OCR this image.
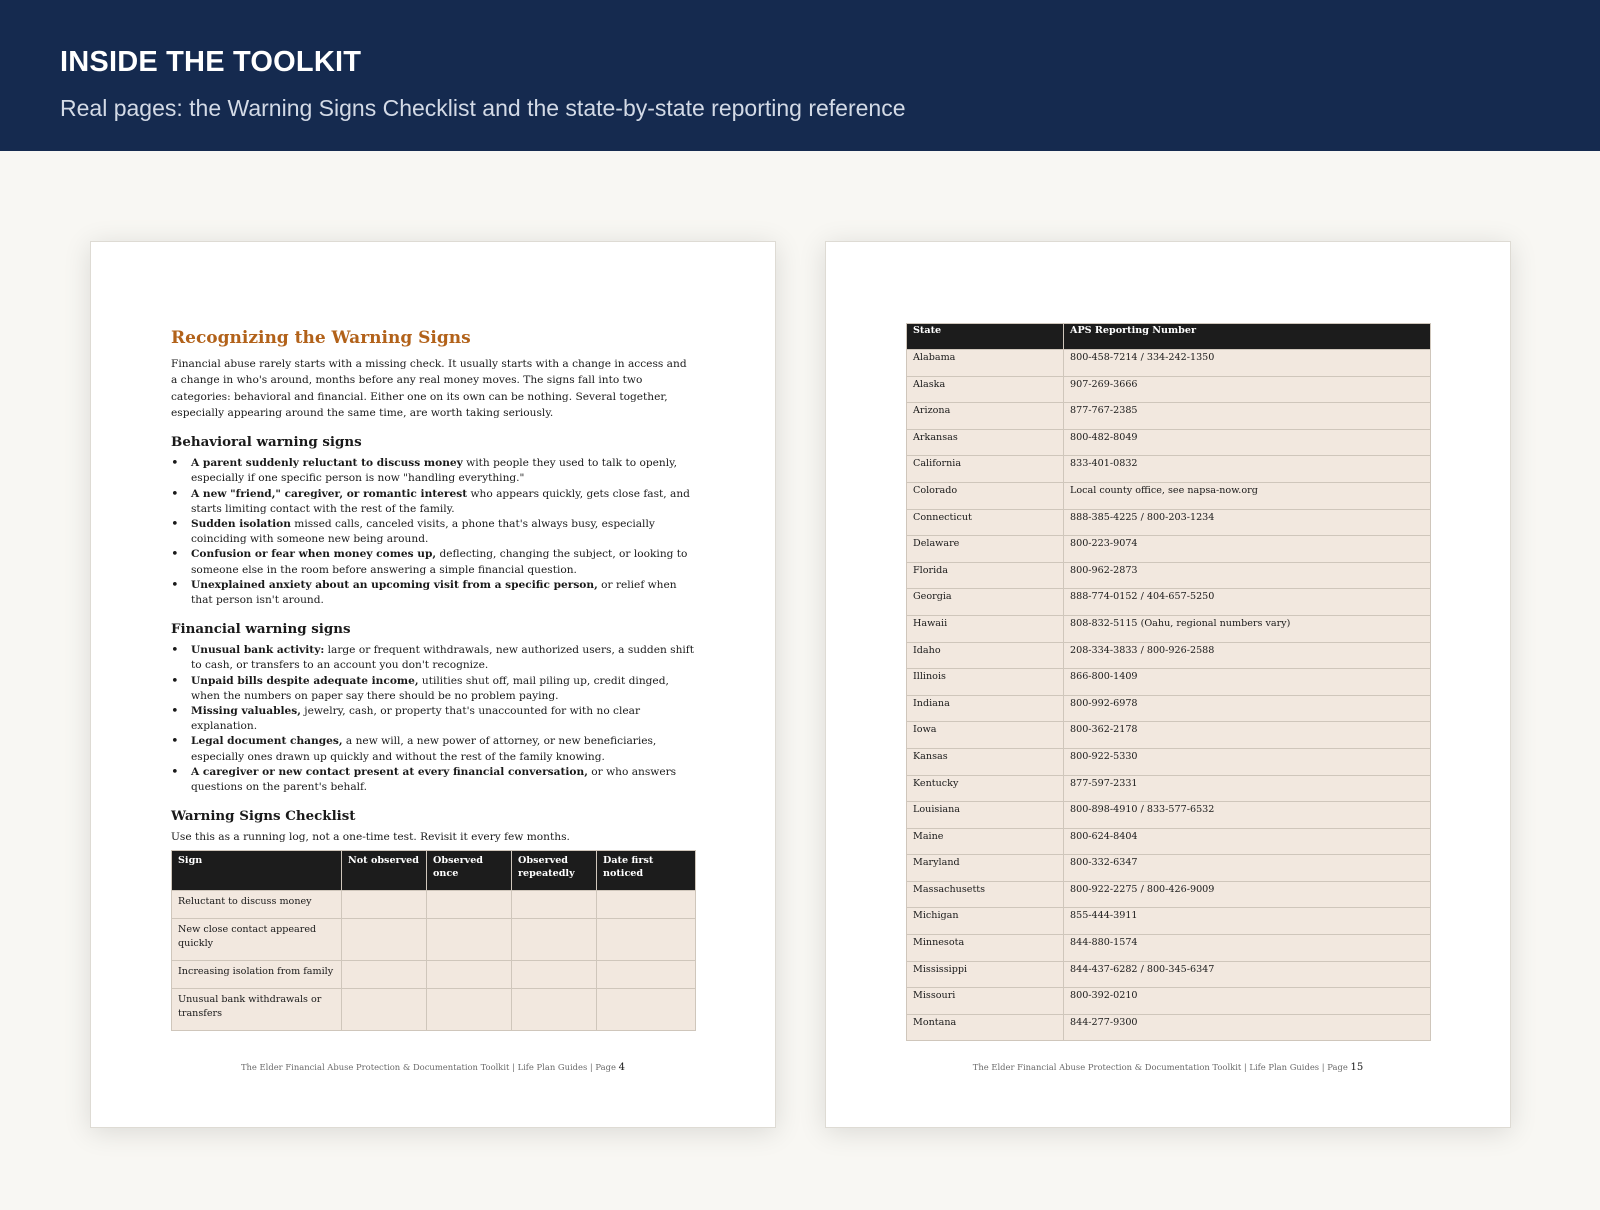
INSIDE THE TOOLKIT
Real pages: the Warning Signs Checklist and the state-by-state reporting reference
Recognizing the Warning Signs

Financial abuse rarely starts with a missing check. It usually starts with a change in access and a change in who's around, months before any real money moves. The signs fall into two categories: behavioral and financial. Either one on its own can be nothing. Several together, especially appearing around the same time, are worth taking seriously.

Behavioral warning signs
• A parent suddenly reluctant to discuss money with people they used to talk to openly, especially if one specific person is now "handling everything."
• A new "friend," caregiver, or romantic interest who appears quickly, gets close fast, and starts limiting contact with the rest of the family.
• Sudden isolation missed calls, canceled visits, a phone that's always busy, especially coinciding with someone new being around.
• Confusion or fear when money comes up, deflecting, changing the subject, or looking to someone else in the room before answering a simple financial question.
• Unexplained anxiety about an upcoming visit from a specific person, or relief when that person isn't around.
Financial warning signs
• Unusual bank activity: large or frequent withdrawals, new authorized users, a sudden shift to cash, or transfers to an account you don't recognize.
• Unpaid bills despite adequate income, utilities shut off, mail piling up, credit dinged, when the numbers on paper say there should be no problem paying.
• Missing valuables, jewelry, cash, or property that's unaccounted for with no clear explanation.
• Legal document changes, a new will, a new power of attorney, or new beneficiaries, especially ones drawn up quickly and without the rest of the family knowing.
• A caregiver or new contact present at every financial conversation, or who answers questions on the parent's behalf.
Warning Signs Checklist

Use this as a running log, not a one-time test. Revisit it every few months.

Sign	Not observed	Observed once	Observed repeatedly	Date first noticed
Reluctant to discuss money				
New close contact appeared quickly				
Increasing isolation from family				
Unusual bank withdrawals or transfers				
The Elder Financial Abuse Protection & Documentation Toolkit | Life Plan Guides | Page 4
State	APS Reporting Number
Alabama	800-458-7214 / 334-242-1350
Alaska	907-269-3666
Arizona	877-767-2385
Arkansas	800-482-8049
California	833-401-0832
Colorado	Local county office, see napsa-now.org
Connecticut	888-385-4225 / 800-203-1234
Delaware	800-223-9074
Florida	800-962-2873
Georgia	888-774-0152 / 404-657-5250
Hawaii	808-832-5115 (Oahu, regional numbers vary)
Idaho	208-334-3833 / 800-926-2588
Illinois	866-800-1409
Indiana	800-992-6978
Iowa	800-362-2178
Kansas	800-922-5330
Kentucky	877-597-2331
Louisiana	800-898-4910 / 833-577-6532
Maine	800-624-8404
Maryland	800-332-6347
Massachusetts	800-922-2275 / 800-426-9009
Michigan	855-444-3911
Minnesota	844-880-1574
Mississippi	844-437-6282 / 800-345-6347
Missouri	800-392-0210
Montana	844-277-9300
The Elder Financial Abuse Protection & Documentation Toolkit | Life Plan Guides | Page 15
